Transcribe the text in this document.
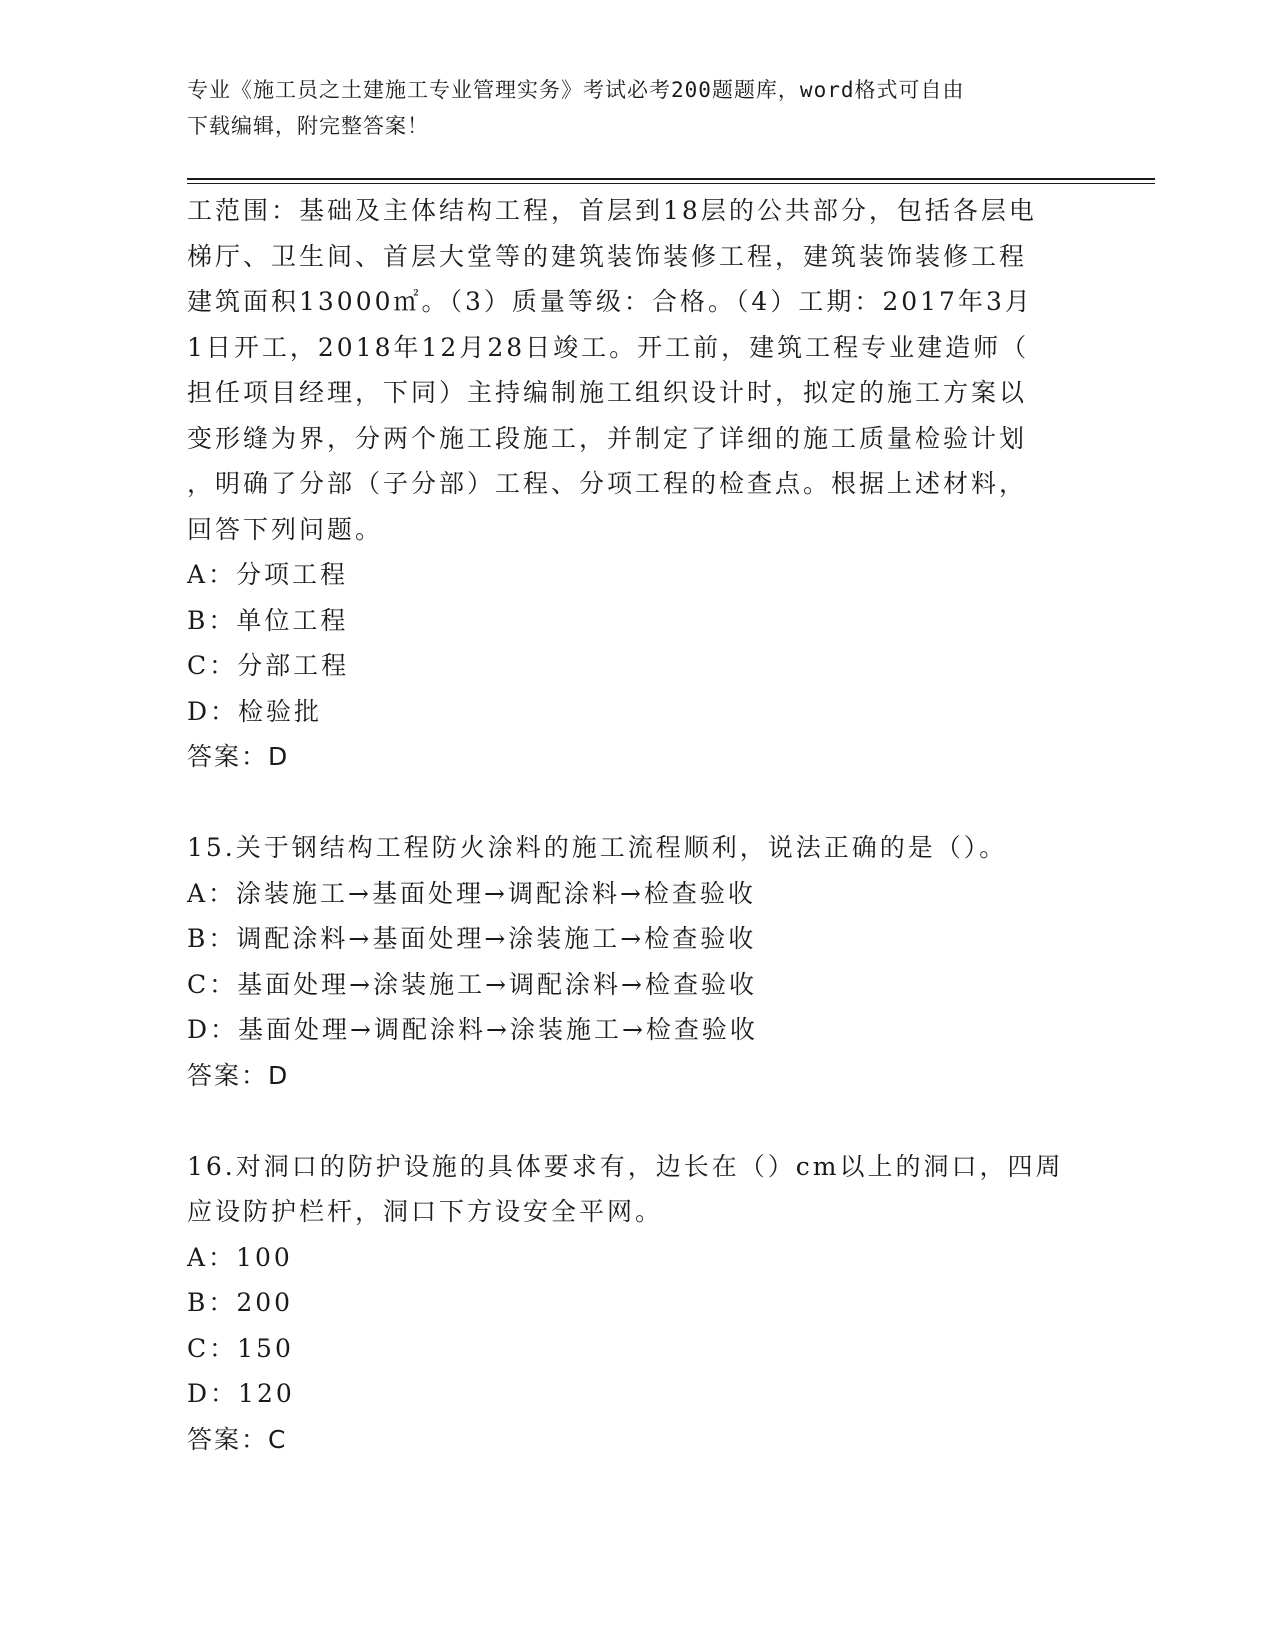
专业《施工员之土建施工专业管理实务》考试必考200题题库，word格式可自由
下载编辑，附完整答案！
工范围：基础及主体结构工程，首层到18层的公共部分，包括各层电
梯厅、卫生间、首层大堂等的建筑装饰装修工程，建筑装饰装修工程
建筑面积13000㎡。（3）质量等级：合格。（4）工期：2017年3月
1日开工，2018年12月28日竣工。开工前，建筑工程专业建造师（
担任项目经理，下同）主持编制施工组织设计时，拟定的施工方案以
变形缝为界，分两个施工段施工，并制定了详细的施工质量检验计划
，明确了分部（子分部）工程、分项工程的检查点。根据上述材料，
回答下列问题。
A：分项工程
B：单位工程
C：分部工程
D：检验批
答案：D
15.关于钢结构工程防火涂料的施工流程顺利，说法正确的是（）。
A：涂装施工→基面处理→调配涂料→检查验收
B：调配涂料→基面处理→涂装施工→检查验收
C：基面处理→涂装施工→调配涂料→检查验收
D：基面处理→调配涂料→涂装施工→检查验收
答案：D
16.对洞口的防护设施的具体要求有，边长在（）cm以上的洞口，四周
应设防护栏杆，洞口下方设安全平网。
A：100
B：200
C：150
D：120
答案：C
